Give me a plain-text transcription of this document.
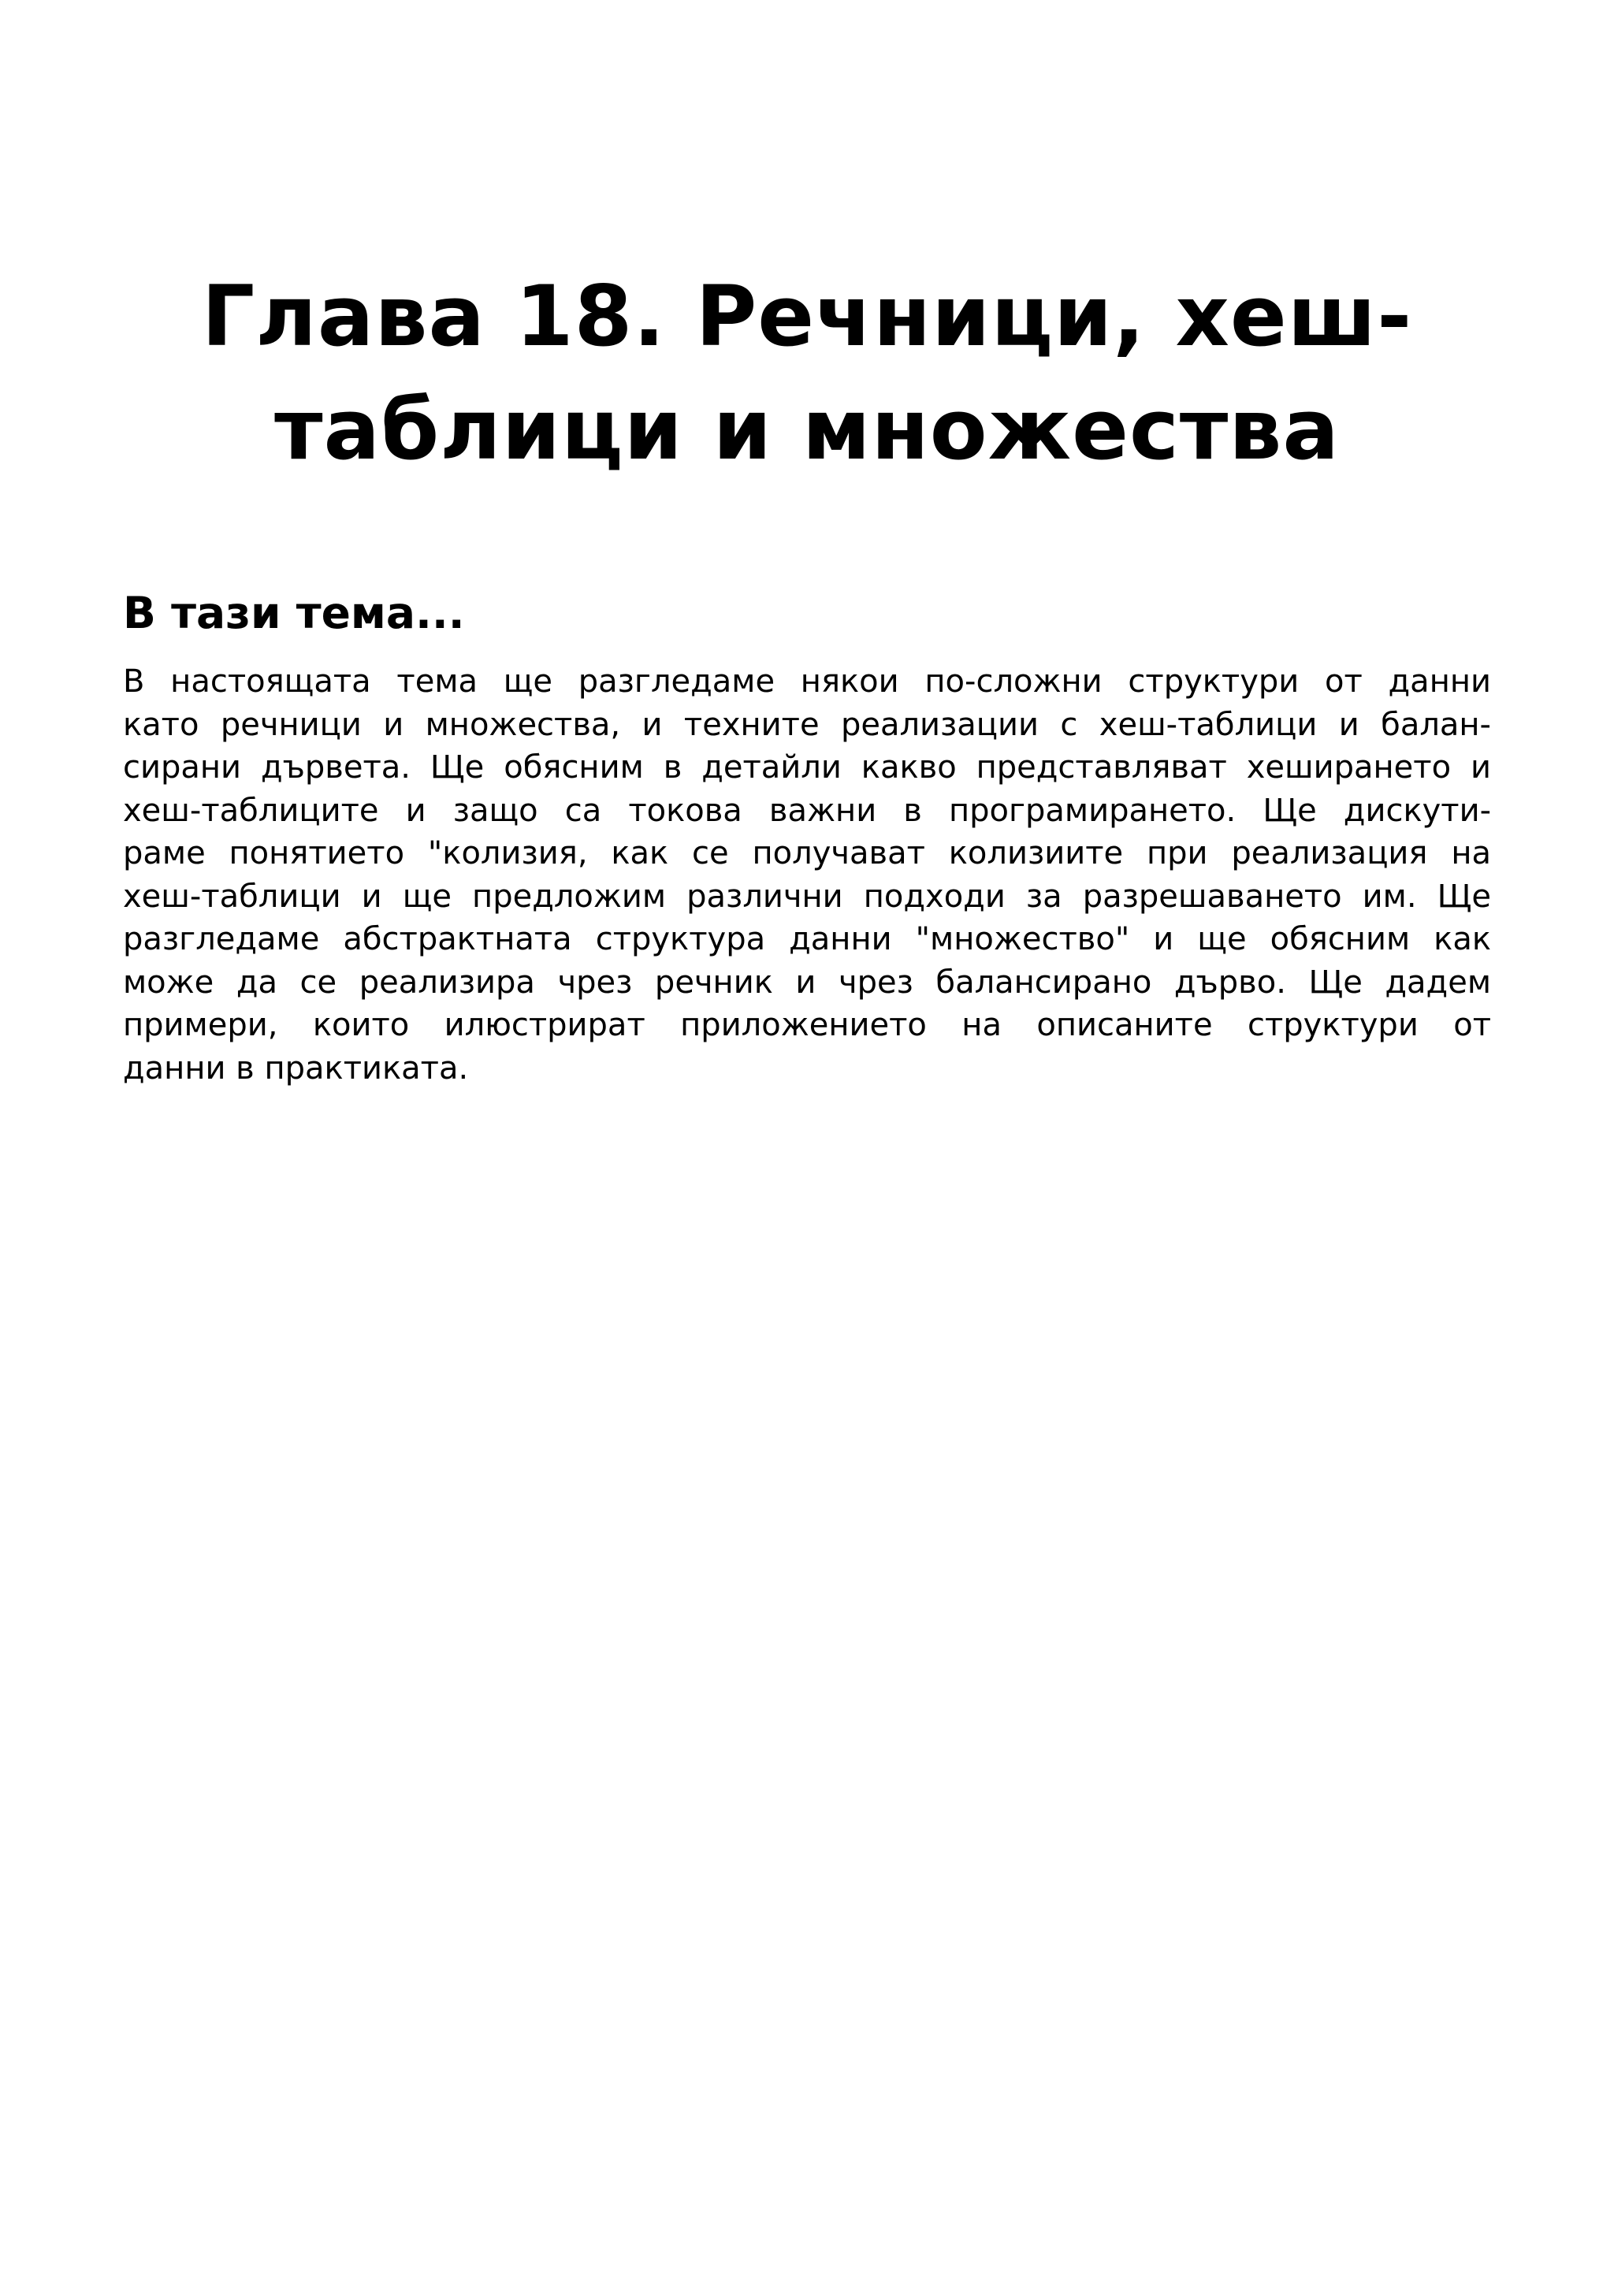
Глава 18. Речници, хеш-
таблици и множества
В тази тема...

В настоящата тема ще разгледаме някои по-сложни структури от данни
като речници и множества, и техните реализации с хеш-таблици и балан-
сирани дървета. Ще обясним в детайли какво представляват хеширането и
хеш-таблиците и защо са токова важни в програмирането. Ще дискути-
раме понятието "колизия, как се получават колизиите при реализация на
хеш-таблици и ще предложим различни подходи за разрешаването им. Ще
разгледаме абстрактната структура данни "множество" и ще обясним как
може да се реализира чрез речник и чрез балансирано дърво. Ще дадем
примери, които илюстрират приложението на описаните структури от
данни в практиката.
